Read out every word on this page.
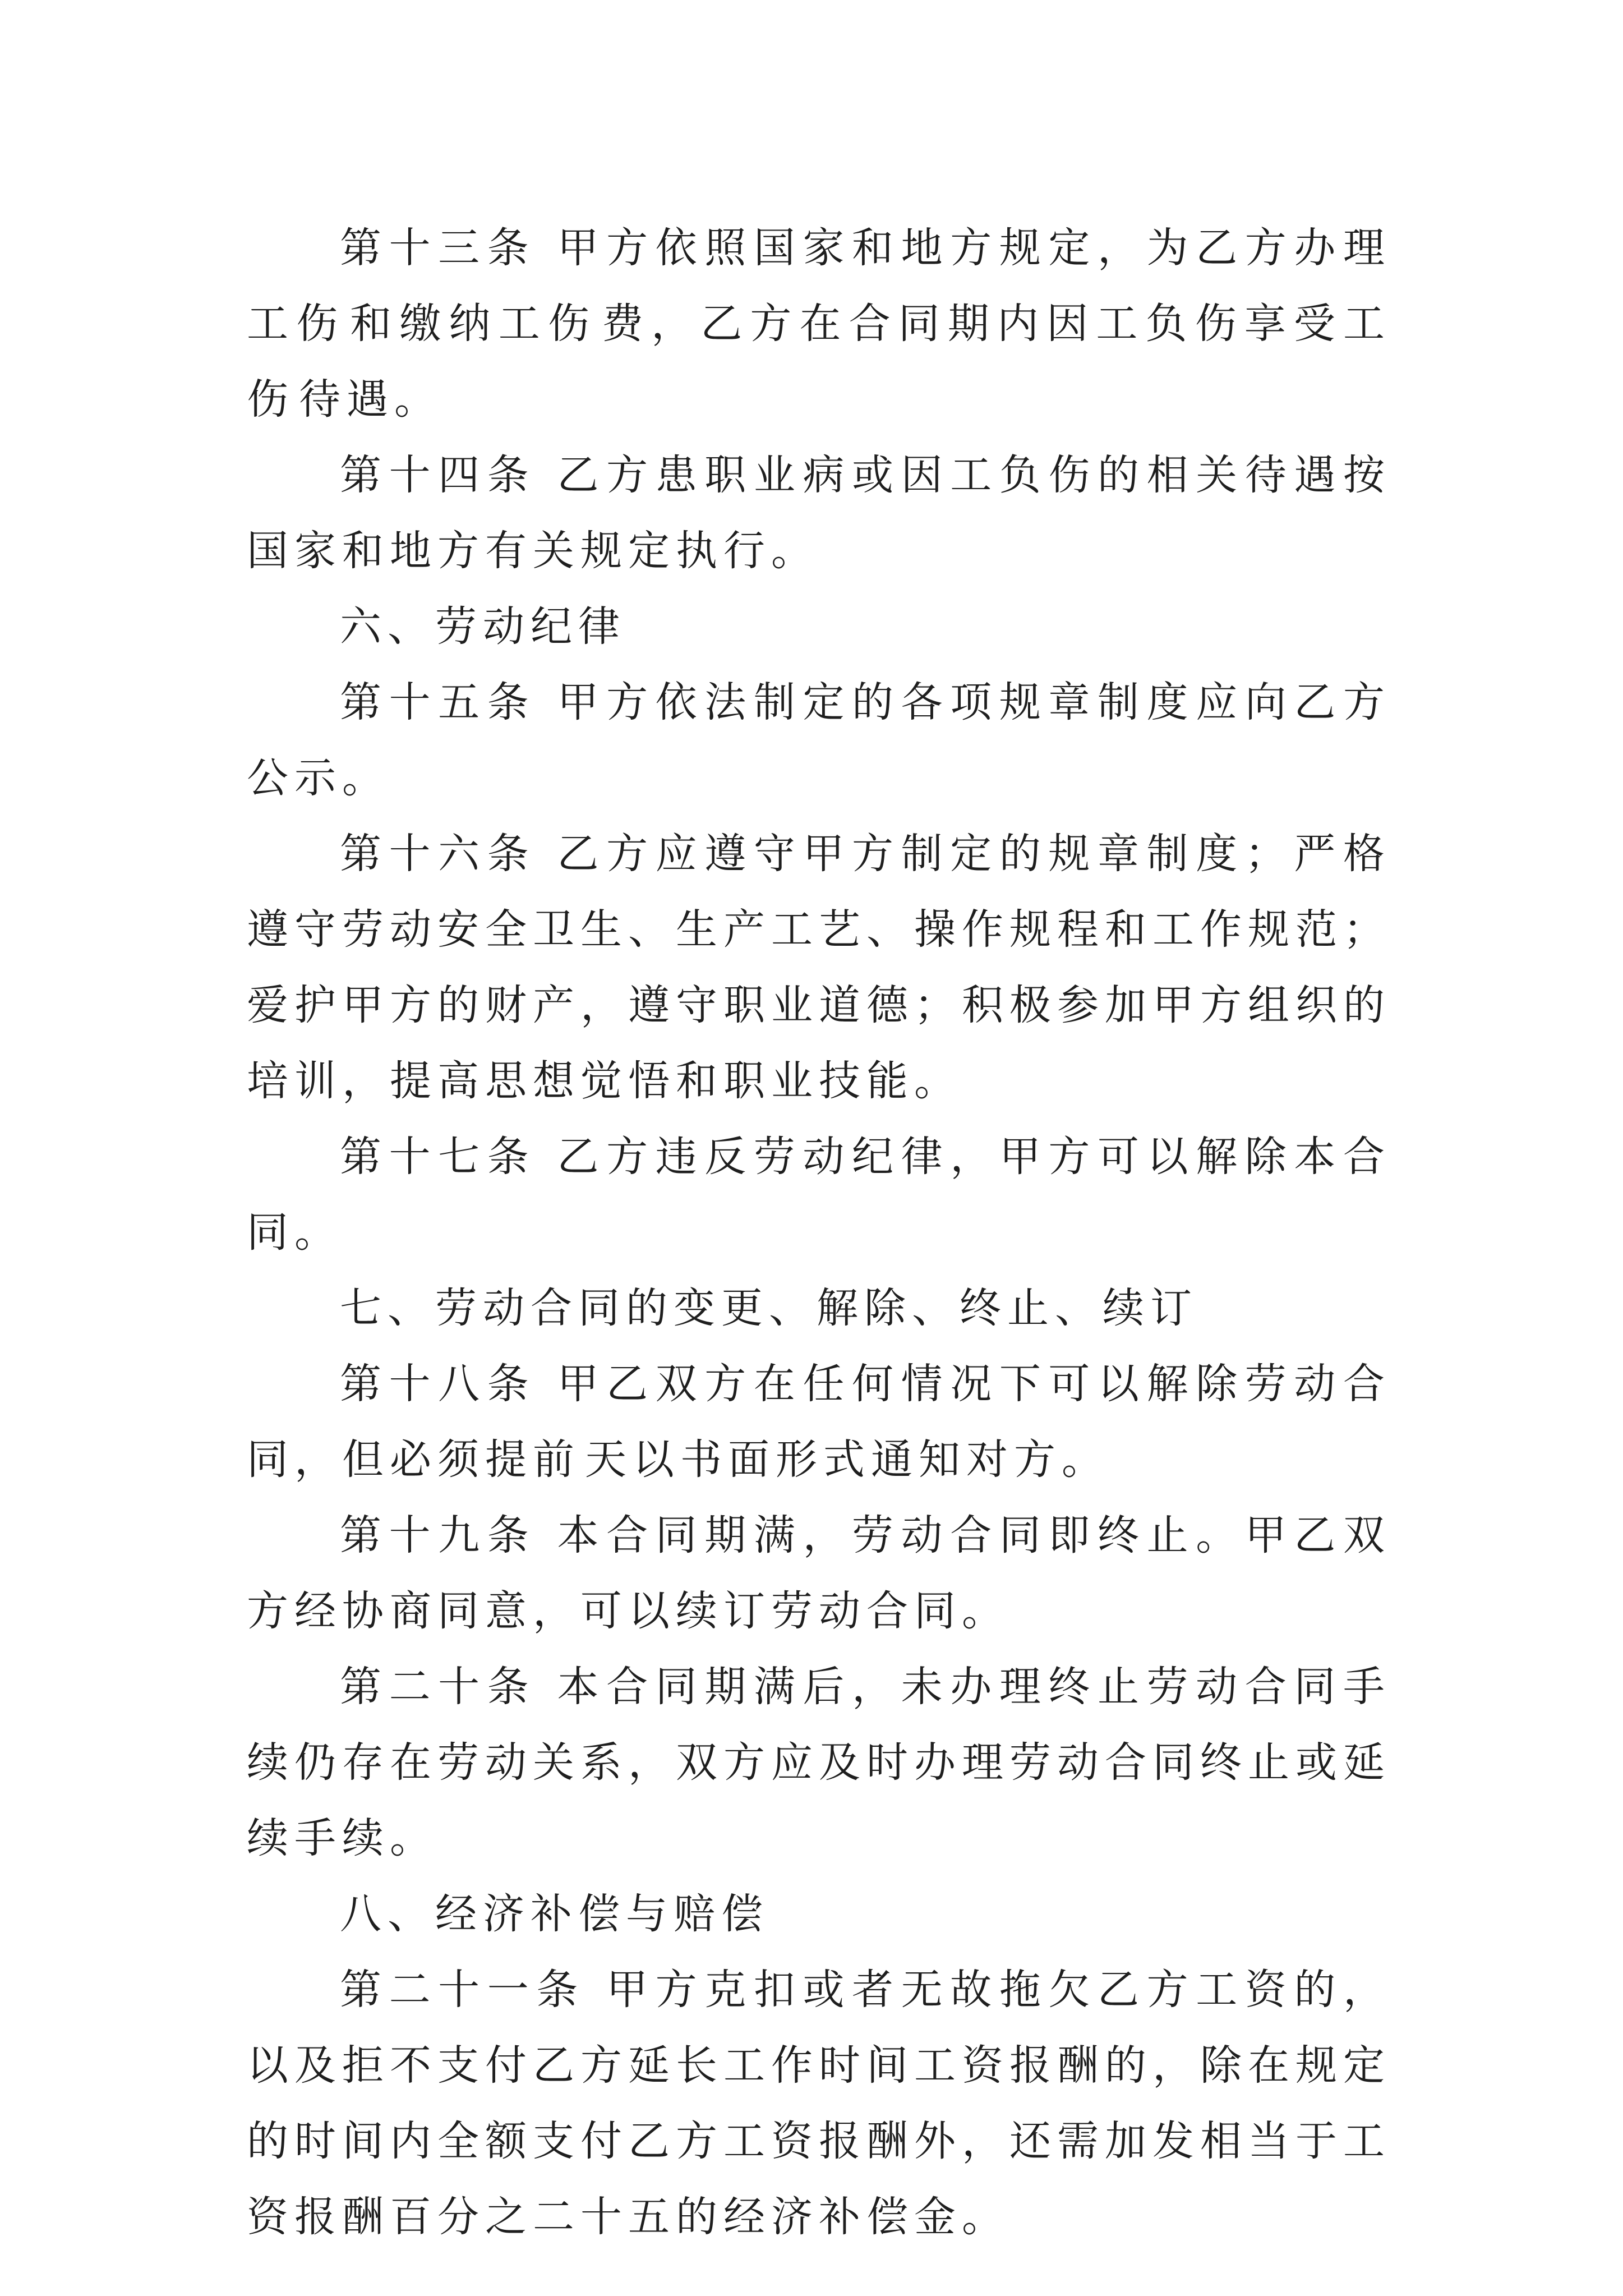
第十三条 甲方依照国家和地方规定，为乙方办理工伤 和缴纳工伤 费，乙方在合同期内因工负伤享受工伤 待遇。

第十四条 乙方患职业病或因工负伤的相关待遇按国家和地方有关规定执行。

六、劳动纪律

第十五条 甲方依法制定的各项规章制度应向乙方公示。

第十六条 乙方应遵守甲方制定的规章制度；严格遵守劳动安全卫生、生产工艺、操作规程和工作规范；爱护甲方的财产，遵守职业道德；积极参加甲方组织的培训，提高思想觉悟和职业技能。

第十七条 乙方违反劳动纪律，甲方可以解除本合同。

七、劳动合同的变更、解除、终止、续订

第十八条 甲乙双方在任何情况下可以解除劳动合同，但必须提前 天以书面形式通知对方。

第十九条 本合同期满，劳动合同即终止。甲乙双方经协商同意，可以续订劳动合同。

第二十条 本合同期满后，未办理终止劳动合同手续仍存在劳动关系，双方应及时办理劳动合同终止或延续手续。

八、经济补偿与赔偿

第二十一条 甲方克扣或者无故拖欠乙方工资的，以及拒不支付乙方延长工作时间工资报酬的，除在规定的时间内全额支付乙方工资报酬外，还需加发相当于工资报酬百分之二十五的经济补偿金。
